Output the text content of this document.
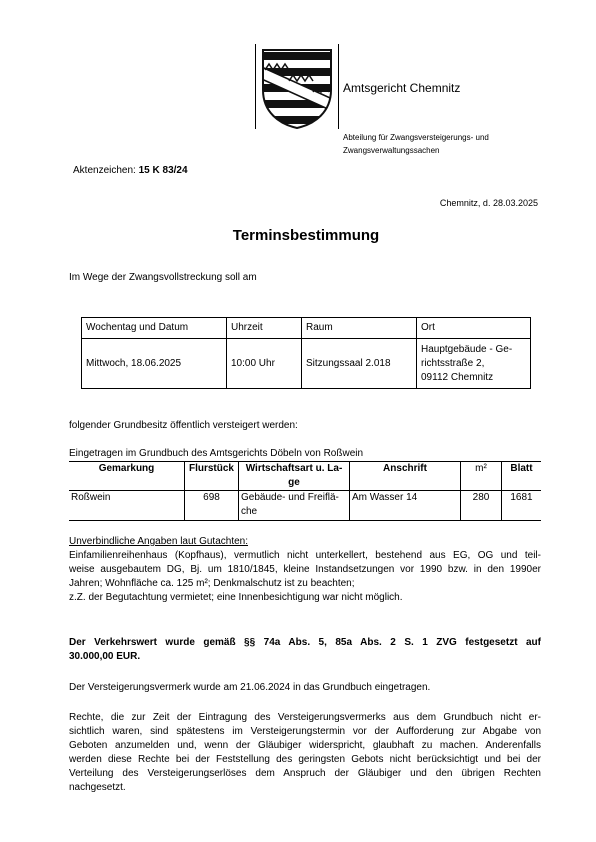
Amtsgericht Chemnitz
Abteilung für Zwangsversteigerungs- und
Zwangsverwaltungssachen
Aktenzeichen: 15 K 83/24
Chemnitz, d. 28.03.2025
Terminsbestimmung
Im Wege der Zwangsvollstreckung soll am
Wochentag und Datum	Uhrzeit	Raum	Ort
Mittwoch, 18.06.2025	10:00 Uhr	Sitzungssaal 2.018	Hauptgebäude - Ge-
richtsstraße 2,
09112 Chemnitz
folgender Grundbesitz öffentlich versteigert werden:
Eingetragen im Grundbuch des Amtsgerichts Döbeln von Roßwein
Gemarkung	Flurstück	Wirtschaftsart u. La-
ge	Anschrift	m²	Blatt
Roßwein	698	Gebäude- und Freiflä-
che	Am Wasser 14	280	1681
Unverbindliche Angaben laut Gutachten:
Einfamilienreihenhaus (Kopfhaus), vermutlich nicht unterkellert, bestehend aus EG, OG und teil-
weise ausgebautem DG, Bj. um 1810/1845, kleine Instandsetzungen vor 1990 bzw. in den 1990er
Jahren; Wohnfläche ca. 125 m²; Denkmalschutz ist zu beachten;
z.Z. der Begutachtung vermietet; eine Innenbesichtigung war nicht möglich.
Der Verkehrswert wurde gemäß §§ 74a Abs. 5, 85a Abs. 2 S. 1 ZVG festgesetzt auf
30.000,00 EUR.
Der Versteigerungsvermerk wurde am 21.06.2024 in das Grundbuch eingetragen.
Rechte, die zur Zeit der Eintragung des Versteigerungsvermerks aus dem Grundbuch nicht er-
sichtlich waren, sind spätestens im Versteigerungstermin vor der Aufforderung zur Abgabe von
Geboten anzumelden und, wenn der Gläubiger widerspricht, glaubhaft zu machen. Anderenfalls
werden diese Rechte bei der Feststellung des geringsten Gebots nicht berücksichtigt und bei der
Verteilung des Versteigerungserlöses dem Anspruch der Gläubiger und den übrigen Rechten
nachgesetzt.
